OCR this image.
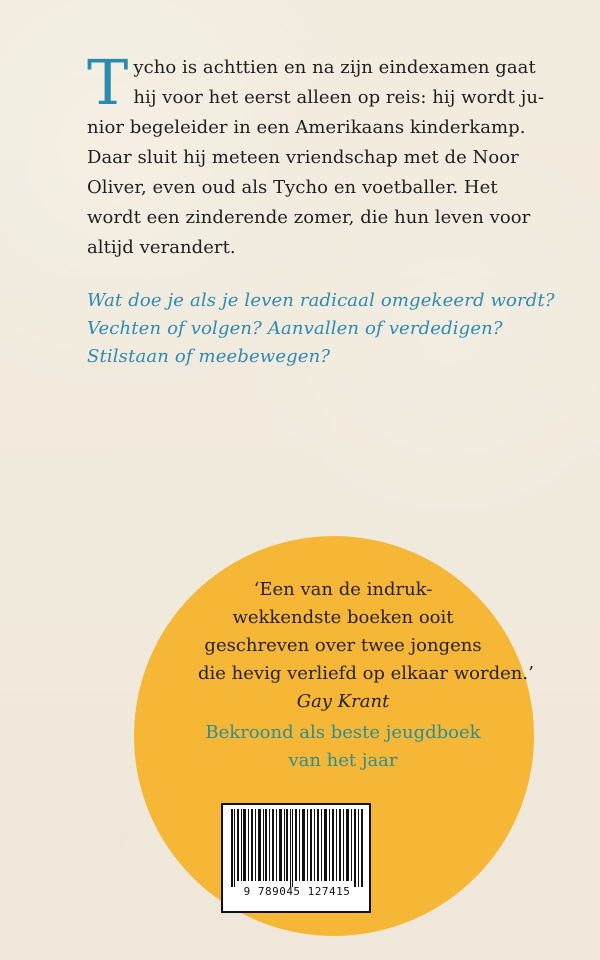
T ycho is achttien en na zijn eindexamen gaat
hij voor het eerst alleen op reis: hij wordt ju-
nior begeleider in een Amerikaans kinderkamp.
Daar sluit hij meteen vriendschap met de Noor
Oliver, even oud als Tycho en voetballer. Het
wordt een zinderende zomer, die hun leven voor
altijd verandert.
Wat doe je als je leven radicaal omgekeerd wordt?
Vechten of volgen? Aanvallen of verdedigen?
Stilstaan of meebewegen?
‘Een van de indruk-
wekkendste boeken ooit
geschreven over twee jongens
die hevig verliefd op elkaar worden.’
Gay Krant
Bekroond als beste jeugdboek
van het jaar
9 789045 127415
